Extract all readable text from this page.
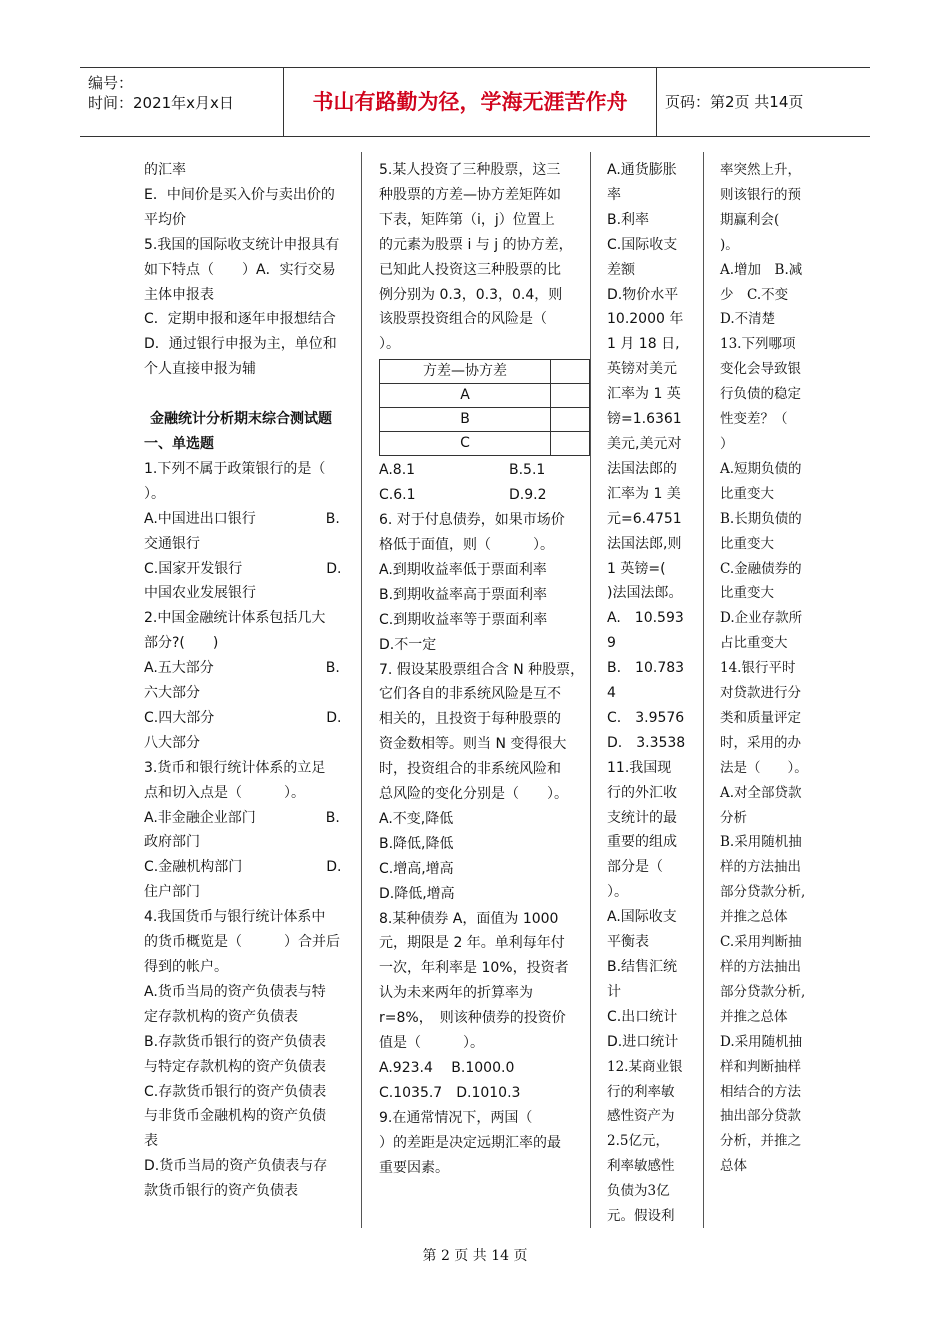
编号：
时间：2021年x月x日	书山有路勤为径，学海无涯苦作舟	页码：第2页 共14页

的汇率

E．中间价是买入价与卖出价的

平均价

5.我国的国际收支统计申报具有

如下特点（　　）A．实行交易

主体申报表

C．定期申报和逐年申报想结合

D．通过银行申报为主，单位和

个人直接申报为辅

金融统计分析期末综合测试题

一、单选题

1.下列不属于政策银行的是（

）。

A.中国进出口银行　　　　　B.

交通银行

C.国家开发银行　　　　　　D.

中国农业发展银行

2.中国金融统计体系包括几大

部分?(　　)

A.五大部分　　　　　　　　B.

六大部分

C.四大部分　　　　　　　　D.

八大部分

3.货币和银行统计体系的立足

点和切入点是（　　　）。

A.非金融企业部门　　　　　B.

政府部门

C.金融机构部门　　　　　　D.

住户部门

4.我国货币与银行统计体系中

的货币概览是（　　　）合并后

得到的帐户。

A.货币当局的资产负债表与特

定存款机构的资产负债表

B.存款货币银行的资产负债表

与特定存款机构的资产负债表

C.存款货币银行的资产负债表

与非货币金融机构的资产负债

表

D.货币当局的资产负债表与存

款货币银行的资产负债表

5.某人投资了三种股票，这三

种股票的方差—协方差矩阵如

下表，矩阵第（i，j）位置上

的元素为股票 i 与 j 的协方差，

已知此人投资这三种股票的比

例分别为 0.3，0.3，0.4，则

该股票投资组合的风险是（

）。

方差—协方差	
A	
B	
C	

A.8.1	B.5.1

C.6.1	D.9.2

6. 对于付息债券，如果市场价

格低于面值，则（　　　）。

A.到期收益率低于票面利率

B.到期收益率高于票面利率

C.到期收益率等于票面利率

D.不一定

7. 假设某股票组合含 N 种股票，

它们各自的非系统风险是互不

相关的，且投资于每种股票的

资金数相等。则当 N 变得很大

时，投资组合的非系统风险和

总风险的变化分别是（　　）。

A.不变,降低

B.降低,降低

C.增高,增高

D.降低,增高

8.某种债券 A，面值为 1000

元，期限是 2 年。单利每年付

一次，年利率是 10%，投资者

认为未来两年的折算率为

r=8%，　则该种债券的投资价

值是（　　　）。

A.923.4　 B.1000.0

C.1035.7　D.1010.3

9.在通常情况下，两国（

）的差距是决定远期汇率的最

重要因素。

A.通货膨胀

率

B.利率

C.国际收支

差额

D.物价水平

10.2000 年

1 月 18 日,

英镑对美元

汇率为 1 英

镑=1.6361

美元,美元对

法国法郎的

汇率为 1 美

元=6.4751

法国法郎,则

1 英镑=(

)法国法郎。

A.　10.593

9

B.　10.783

4

C.　3.9576

D.　3.3538

11.我国现

行的外汇收

支统计的最

重要的组成

部分是（

）。

A.国际收支

平衡表

B.结售汇统

计

C.出口统计

D.进口统计

12.某商业银

行的利率敏

感性资产为

2.5亿元，

利率敏感性

负债为3亿

元。假设利

率突然上升，

则该银行的预

期赢利会(

)。

A.增加　B.减

少　C.不变

D.不清楚

13.下列哪项

变化会导致银

行负债的稳定

性变差？（

）

A.短期负债的

比重变大

B.长期负债的

比重变大

C.金融债券的

比重变大

D.企业存款所

占比重变大

14.银行平时

对贷款进行分

类和质量评定

时，采用的办

法是（　　）。

A.对全部贷款

分析

B.采用随机抽

样的方法抽出

部分贷款分析,

并推之总体

C.采用判断抽

样的方法抽出

部分贷款分析,

并推之总体

D.采用随机抽

样和判断抽样

相结合的方法

抽出部分贷款

分析，并推之

总体

第 2 页 共 14 页
